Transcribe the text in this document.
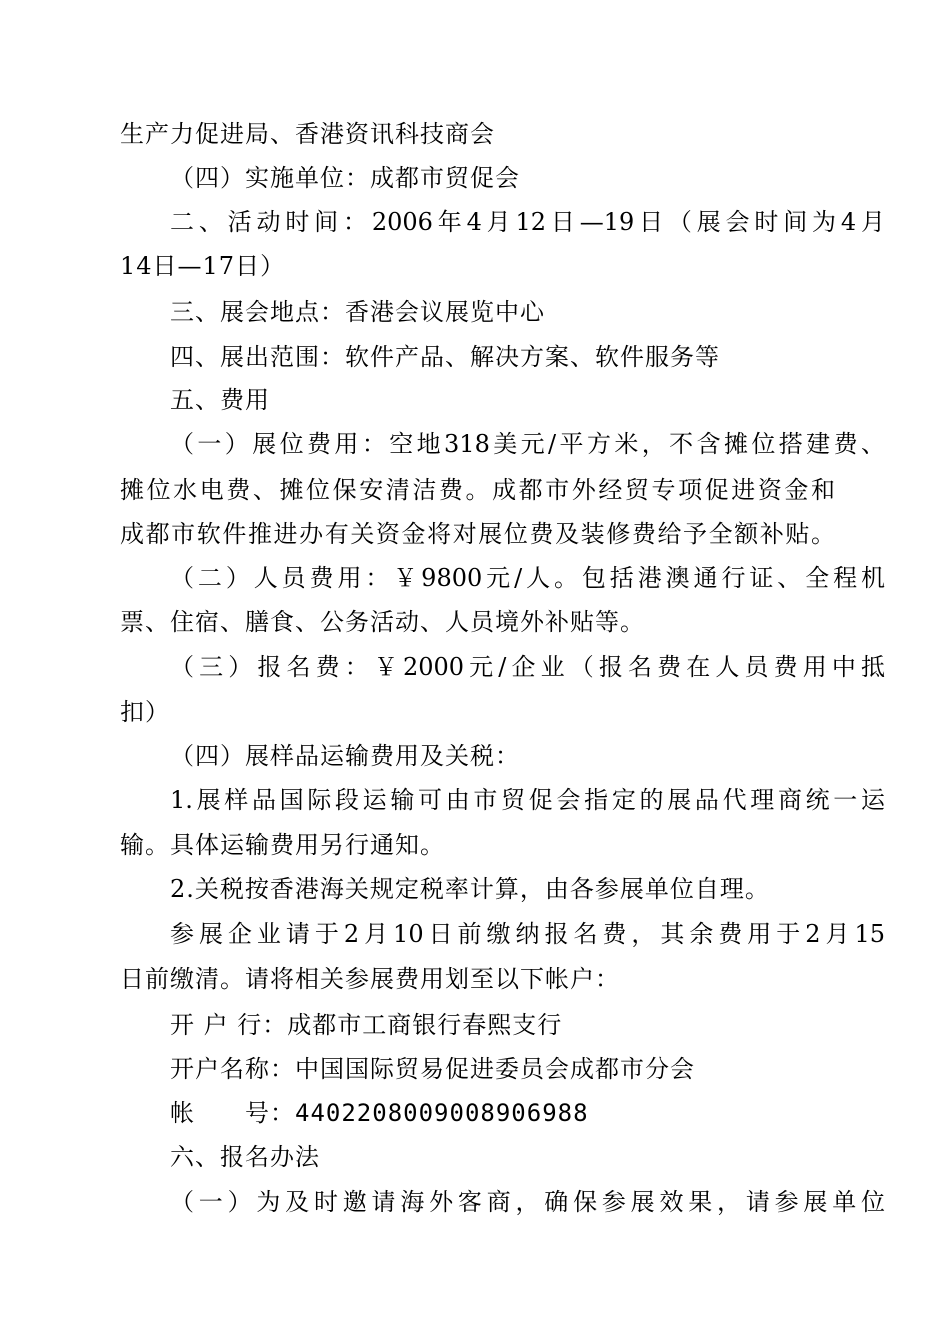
生产力促进局、香港资讯科技商会
（四）实施单位：成都市贸促会
二、活动时间：2006年4月12日—19日（展会时间为4月
14日—17日）
三、展会地点：香港会议展览中心
四、展出范围：软件产品、解决方案、软件服务等
五、费用
（一）展位费用：空地318美元/平方米，不含摊位搭建费、
摊位水电费、摊位保安清洁费。成都市外经贸专项促进资金和
成都市软件推进办有关资金将对展位费及装修费给予全额补贴。
（二）人员费用：￥9800元/人。包括港澳通行证、全程机
票、住宿、膳食、公务活动、人员境外补贴等。
（三）报名费：￥2000元/企业（报名费在人员费用中抵
扣）
（四）展样品运输费用及关税：
1.展样品国际段运输可由市贸促会指定的展品代理商统一运
输。具体运输费用另行通知。
2.关税按香港海关规定税率计算，由各参展单位自理。
参展企业请于2月10日前缴纳报名费，其余费用于2月15
日前缴清。请将相关参展费用划至以下帐户：
开 户 行：成都市工商银行春熙支行
开户名称：中国国际贸易促进委员会成都市分会
帐　　号：4402208009008906988
六、报名办法
（一）为及时邀请海外客商，确保参展效果，请参展单位
